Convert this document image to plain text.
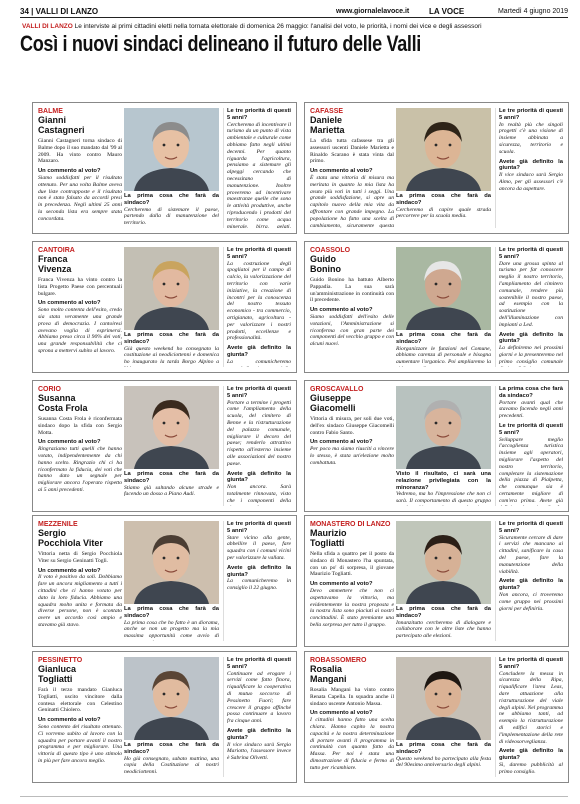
34 | VALLI DI LANZO	www.giornalelavoce.it LA VOCE	Martedì 4 giugno 2019
VALLI DI LANZO Le interviste ai primi cittadini eletti nella tornata elettorale di domenica 26 maggio: l'analisi del voto, le priorità, i nomi dei vice e degli assessori
Così i nuovi sindaci delineano il futuro delle Valli
BALME
Gianni
Castagneri
Gianni Castagneri torna sindaco di Balme dopo il suo mandato dal '99 al 2009. Ha vinto contro Mauro Manzaro.
Un commento al voto?
Siamo soddisfatti per il risultato ottenuto. Per una volta Balme aveva due liste contrapposte e il risultato non è stato falsato da accordi presi in precedenza. Negli ultimi 25 anni la seconda lista era sempre stata concordata.
La prima cosa che farà da sindaco?
Cercheremo di sistemare il paese, partendo dalla di manutenzione del territorio.
Le tre priorità di questi 5 anni?
Cercheremo di incentivare il turismo da un punto di vista ambientale e culturale come abbiamo fatto negli ultimi decenni. Per quanto riguarda l'agricoltura, pensiamo a sistemare gli alpeggi cercando che necessitano di manutenzione. Inoltre proveremo ad incentivare maestranze quelle che sono le attività produttive, anche riproducendo i prodotti del territorio come acqua minerale, birra, gelati,
CAFASSE
Daniele
Marietta
La sfida tutta cafassese tra gli assessori uscenti Daniele Marietta e Rinaldo Scarano è stata vinta dal primo.
Un commento al voto?
È stata una vittoria di misura ma meritata in quanto la mia lista ha avuto più voti in tutti i seggi. Una grande soddisfazione, si apre un capitolo nuovo della mia vita da affrontare con grande impegno. La popolazione ha fatto una scelta di cambiamento, sicuramente questa
La prima cosa che farà da sindaco?
Cercheremo di capire quale strada percorrere per la scuola media.
Le tre priorità di questi 5 anni?
In realtà più che singoli progetti c'è una visione di insieme abbinata a sicurezza, territorio e scuola.
Avete già definito la giunta?
Il vice sindaco sarà Sergio Aimo, per gli assessori c'è ancora da aspettare.
CANTOIRA
Franca
Vivenza
Franca Vivenza ha vinto contro la lista Progetto Paese con percentuali bulgare.
Un commento al voto?
Sono molto contenta dell'esito, credo sia stata veramente una grande prova di democrazia. I cantoiresi avevano voglia di esprimersi. Abbiamo preso circa il 90% dei voti, una grande responsabilità che ci sprona a mettervi subito al lavoro.
La prima cosa che farà da sindaco?
Già questo weekend ho consegnato la costituzione ai neodiciottenni e domenica ho inaugurato la tarda Borgo Alpino a
Le tre priorità di questi 5 anni?
La costruzione degli spogliatoi per il campo di calcio, la valorizzazione del territorio con varie iniziative, la creazione di incontri per la conoscenza del nostro tessuto economico - tra commercio, artigianato, agricoltura - per valorizzare i nostri prodotti, eccellenze e professionalità.
Avete già definito la giunta?
La comunicheremo
COASSOLO
Guido
Bonino
Guido Bonino ha battuto Alberto Pappadia. La sua sarà un'amministrazione in continuità con il precedente.
Un commento al voto?
Siamo soddisfatti dell'esito delle votazioni, l'Amministrazione si riconferma con gran parte dei componenti del vecchio gruppo e con alcuni nuovi.
La prima cosa che farà da sindaco?
Riorganizzare le funzioni nel Comune, abbiamo carenza di personale e bisogna aumentare l'organico. Poi ampliaremo la
Le tre priorità di questi 5 anni?
Dare una grossa spinta al turismo per far conoscere meglio il nostro territorio, l'ampliamento del cimitero comunale, rendere più sostenibile il nostro paese, ad esempio con la sostituzione dell'illuminazione con impianti a Led.
Avete già definito la giunta?
La definiremo nei prossimi giorni e la presenteremo nel primo consiglio comunale
CORIO
Susanna
Costa Frola
Susanna Costa Frola è riconfermata sindaco dopo la sfida con Sergio Motta.
Un commento al voto?
Ringraziamo tutti quelli che hanno votato, indipendentemente da chi hanno scelto. Ringrazio chi ci ha riconfermato la fiducia, dei voti che hanno dato un segnale per migliorare ancora l'operato rispetto ai 5 anni precedenti.
La prima cosa che farà da sindaco?
Stiamo già saltando alcune strade e facendo un dosso a Piano Audi.
Le tre priorità di questi 5 anni?
Portare a termine i progetti come l'ampliamento della scuola, del cimitero di Benne e la ristrutturazione del palazzo comunale, migliorare il decoro del paese; renderlo attrattivo rispetto all'esterno insieme alle associazioni del nostro paese.
Avete già definito la giunta?
Non ancora. Sarà totalmente rinnovata, visto che i componenti della
GROSCAVALLO
Giuseppe
Giacomelli
Vittoria di misura, per soli due voti, dell'ex sindaco Giuseppe Giacomelli contro Fabio Santo.
Un commento al voto?
Per poco ma siamo riusciti a vincere lo stesso, è stata un'elezione molto combattuta.
Visto il risultato, ci sarà una relazione privilegiata con la minoranza?
Vedremo, ma ho l'impressione che non ci sarà. Il comportamento di questo gruppo
La prima cosa che farà da sindaco?
Portare avanti qual che stavamo facendo negli anni precedenti.
Le tre priorità di questi 5 anni?
Sviluppare meglio l'accoglienza turistica insieme agli operatori, migliorare l'aspetto del nostro territorio, completare la sistemazione della piazza di Pialpetta, che comunque sia è certamente migliore di com'era prima. Avete già
MEZZENILE
Sergio
Pocchiola Viter
Vittoria netta di Sergio Pocchiola Viter su Sergio Geninatti Togli.
Un commento al voto?
Il voto è positivo da soli. Dobbiamo fare un ancora migliamento a tutti i cittadini che ci hanno votato per dato la loro fiducia. Abbiamo una squadra molto unita e formata da diverse persone, non è scontato avere un accordo così ampio e stavamo già stavo.
La prima cosa che farà da sindaco?
La prima cosa che ho fatto è un diorama, anche se non un progetto ma la mia massima opportunità come avvio di
Le tre priorità di questi 5 anni?
Stare vicino alla gente, abbellire il paese, fare squadra con i comuni vicini per valorizzare la vallata.
Avete già definito la giunta?
La comunicheremo in consiglio il 22 giugno.
MONASTERO DI LANZO
Maurizio
Togliatti
Nella sfida a quattro per il posto da sindaco di Monastero l'ha spuntata, con un po' di sorpresa, il giovane Maurizio Togliatti.
Un commento al voto?
Devo ammettere che non ci aspettavamo la vittoria, ma evidentemente la nostra proposta e la nostra lista sono piaciuti ai nostri concittadini. È stato premiante una bella sorpresa per tutto il gruppo.
La prima cosa che farà da sindaco?
Innanzitutto cercheremo di dialogare e collaborare con le altre liste che hanno partecipato alle elezioni.
Le tre priorità di questi 5 anni?
Sicuramente cercare di dare i servizi che mancano ai cittadini, sanificare la casa del paese, fare la manutenzione della viabilità.
Avete già definito la giunta?
Non ancora, ci troveremo come gruppo nei prossimi giorni per definirla.
PESSINETTO
Gianluca
Togliatti
Farà il terzo mandato Gianluca Togliatti, uscito vincitore dalla contesa elettorale con Celestino Geninatti Chiolero.
Un commento al voto?
Sono contento del risultato ottenuto. Ci vorremo subito al lavoro con la squadra per portare avanti il nostro programma e per migliorare. Una vittoria di questo tipo è uno stimolo in più per fare ancora meglio.
La prima cosa che farà da sindaco?
Ho già consegnato, sabato mattina, una copia della Costituzione ai nostri neodiciottenni.
Le tre priorità di questi 5 anni?
Continuare ad erogare i servizi come fatto finora, riqualificare la cooperativa di mutuo soccorso di Pessinetto Fuori; fare crescere il gruppo affinché possa continuare a lavoro fra cinque anni.
Avete già definito la giunta?
Il vice sindaco sarà Sergio Mariotto, l'assessore invece è Sabrina Olivetti.
ROBASSOMERO
Rosalia
Mangani
Rosalia Mangani ha vinto contro Renata Capella. In squadra anche il sindaco uscente Antonio Massa.
Un commento al voto?
I cittadini hanno fatto una scelta chiara. Hanno capito la nostra capacità e la nostra determinazione di portare avanti il programma in continuità con quanto fatto da Massa. Per noi è stata una dimostrazione di fiducia e fermo di tutto per ricambiare.
La prima cosa che farà da sindaco?
Questo weekend ho partecipato alla festa del 90esimo anniversario degli alpini.
Le tre priorità di questi 5 anni?
Concludere la messa in sicurezza della Ripa, riqualificare l'area Leas, dare attuazione alla ristrutturazione del viale degli alpini. Nel programma ne abbiamo tanti, ad esempio la ristrutturazione di edifici storici e l'implementazione della rete di videosorveglianza.
Avete già definito la giunta?
Sì, daremo pubblicità al primo consiglio.
